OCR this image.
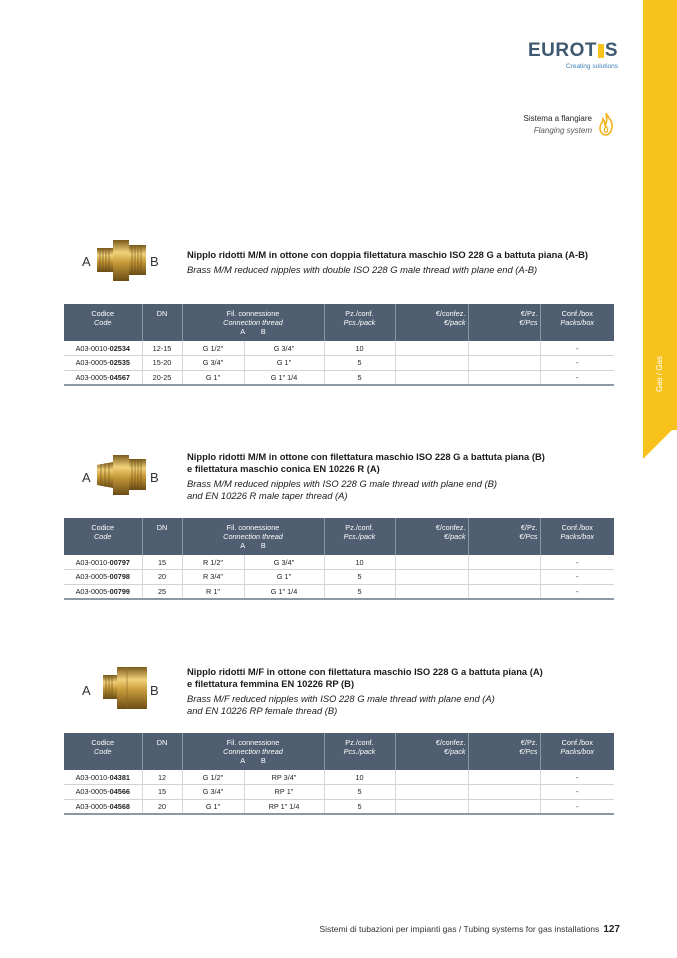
Gas / Gas
EUROT S
Creating solutions
Sistema a flangiare
Flanging system
A	B	Nipplo ridotti M/M in ottone con doppia filettatura maschio ISO 228 G a battuta piana (A-B)
Brass M/M reduced nipples with double ISO 228 G male thread with plane end (A-B)
Codice
Code	DN	Fil. connessione
Connection thread
A        B		Pz./conf.
Pcs./pack	€/confez.
€/pack	€/Pz.
€/Pcs	Conf./box
Packs/box
A03-0010-02534	12-15	G 1/2"	G 3/4"	10			-
A03-0005-02535	15-20	G 3/4"	G 1"	5			-
A03-0005-04567	20-25	G 1"	G 1" 1/4	5			-
A	B
Nipplo ridotti M/M in ottone con filettatura maschio ISO 228 G a battuta piana (B)
e filettatura maschio conica EN 10226 R (A)
Brass M/M reduced nipples with ISO 228 G male thread with plane end (B)
and EN 10226 R male taper thread (A)
Codice
Code	DN	Fil. connessione
Connection thread
A        B		Pz./conf.
Pcs./pack	€/confez.
€/pack	€/Pz.
€/Pcs	Conf./box
Packs/box
A03-0010-00797	15	R 1/2"	G 3/4"	10			-
A03-0005-00798	20	R 3/4"	G 1"	5			-
A03-0005-00799	25	R 1"	G 1" 1/4	5			-
A	B
Nipplo ridotti M/F in ottone con filettatura maschio ISO 228 G a battuta piana (A)
e filettatura femmina EN 10226 RP (B)
Brass M/F reduced nipples with ISO 228 G male thread with plane end (A)
and EN 10226 RP female thread (B)
Codice
Code	DN	Fil. connessione
Connection thread
A        B		Pz./conf.
Pcs./pack	€/confez.
€/pack	€/Pz.
€/Pcs	Conf./box
Packs/box
A03-0010-04381	12	G 1/2"	RP 3/4"	10			-
A03-0005-04566	15	G 3/4"	RP 1"	5			-
A03-0005-04568	20	G 1"	RP 1" 1/4	5			-
Sistemi di tubazioni per impianti gas / Tubing systems for gas installations 127
